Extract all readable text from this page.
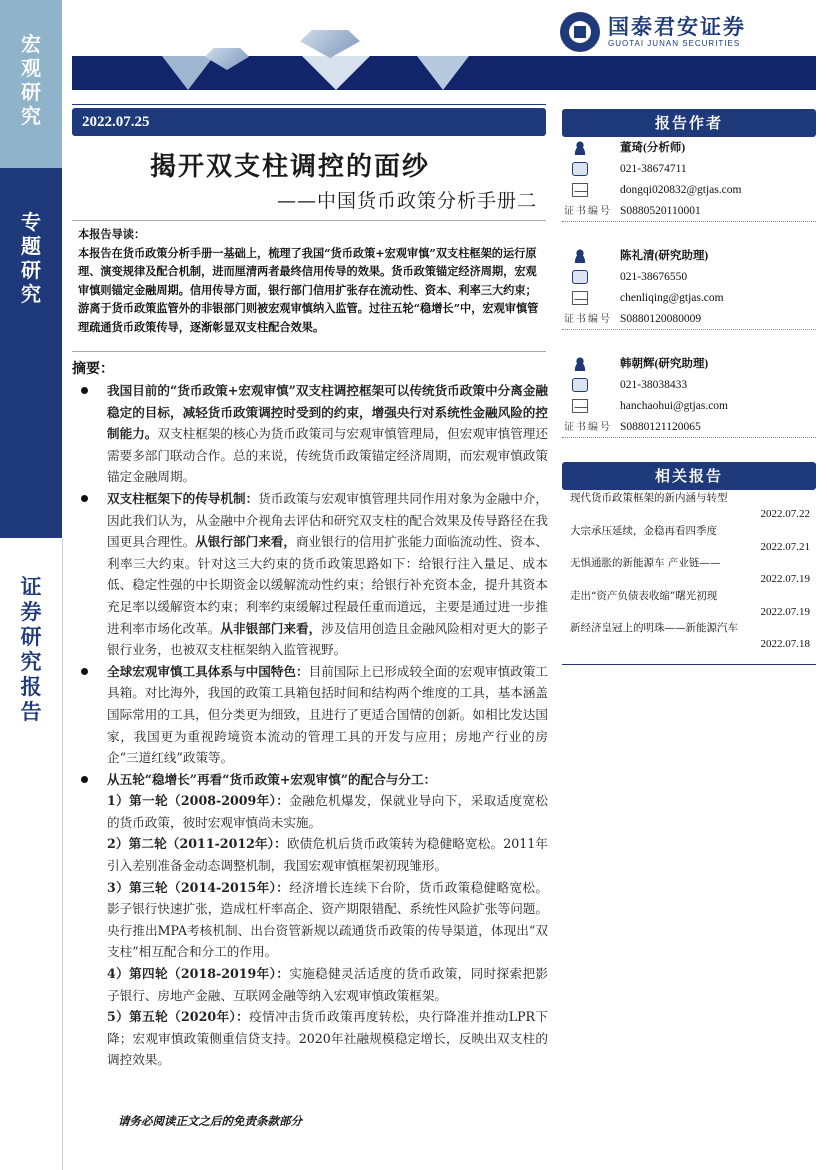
宏观研究
专题研究
证券研究报告
国泰君安证券
GUOTAI JUNAN SECURITIES
2022.07.25
揭开双支柱调控的面纱
——中国货币政策分析手册二
本报告导读：
本报告在货币政策分析手册一基础上，梳理了我国“货币政策+宏观审慎”双支柱框架的运行原理、演变规律及配合机制，进而厘清两者最终信用传导的效果。货币政策锚定经济周期，宏观审慎则锚定金融周期。信用传导方面，银行部门信用扩张存在流动性、资本、利率三大约束；游离于货币政策监管外的非银部门则被宏观审慎纳入监管。过往五轮“稳增长”中，宏观审慎管理疏通货币政策传导，逐渐彰显双支柱配合效果。
摘要：
我国目前的“货币政策+宏观审慎”双支柱调控框架可以传统货币政策中分离金融稳定的目标，减轻货币政策调控时受到的约束，增强央行对系统性金融风险的控制能力。双支柱框架的核心为货币政策司与宏观审慎管理局，但宏观审慎管理还需要多部门联动合作。总的来说，传统货币政策锚定经济周期，而宏观审慎政策锚定金融周期。
双支柱框架下的传导机制：货币政策与宏观审慎管理共同作用对象为金融中介，因此我们认为，从金融中介视角去评估和研究双支柱的配合效果及传导路径在我国更具合理性。从银行部门来看，商业银行的信用扩张能力面临流动性、资本、利率三大约束。针对这三大约束的货币政策思路如下：给银行注入量足、成本低、稳定性强的中长期资金以缓解流动性约束；给银行补充资本金，提升其资本充足率以缓解资本约束；利率约束缓解过程最任重而道远，主要是通过进一步推进利率市场化改革。从非银部门来看，涉及信用创造且金融风险相对更大的影子银行业务，也被双支柱框架纳入监管视野。
全球宏观审慎工具体系与中国特色：目前国际上已形成较全面的宏观审慎政策工具箱。对比海外，我国的政策工具箱包括时间和结构两个维度的工具，基本涵盖国际常用的工具，但分类更为细致，且进行了更适合国情的创新。如相比发达国家，我国更为重视跨境资本流动的管理工具的开发与应用；房地产行业的房企“三道红线”政策等。
从五轮“稳增长”再看“货币政策+宏观审慎”的配合与分工：
1）第一轮（2008-2009年）：金融危机爆发，保就业导向下，采取适度宽松的货币政策，彼时宏观审慎尚未实施。
2）第二轮（2011-2012年）：欧债危机后货币政策转为稳健略宽松。2011年引入差别准备金动态调整机制，我国宏观审慎框架初现雏形。
3）第三轮（2014-2015年）：经济增长连续下台阶，货币政策稳健略宽松。影子银行快速扩张，造成杠杆率高企、资产期限错配、系统性风险扩张等问题。央行推出MPA考核机制、出台资管新规以疏通货币政策的传导渠道，体现出“双支柱”相互配合和分工的作用。
4）第四轮（2018-2019年）：实施稳健灵活适度的货币政策，同时探索把影子银行、房地产金融、互联网金融等纳入宏观审慎政策框架。
5）第五轮（2020年）：疫情冲击货币政策再度转松，央行降准并推动LPR下降；宏观审慎政策侧重信贷支持。2020年社融规模稳定增长，反映出双支柱的调控效果。
请务必阅读正文之后的免责条款部分
报告作者
董琦(分析师)
021-38674711
dongqi020832@gtjas.com
证书编号 S0880520110001
陈礼清(研究助理)
021-38676550
chenliqing@gtjas.com
证书编号 S0880120080009
韩朝辉(研究助理)
021-38038433
hanchaohui@gtjas.com
证书编号 S0880121120065
相关报告
现代货币政策框架的新内涵与转型
2022.07.22
大宗承压延续，金稳再看四季度
2022.07.21
无惧通胀的新能源车 产业链——
2022.07.19
走出“资产负债表收缩”曙光初现
2022.07.19
新经济皇冠上的明珠——新能源汽车
2022.07.18
